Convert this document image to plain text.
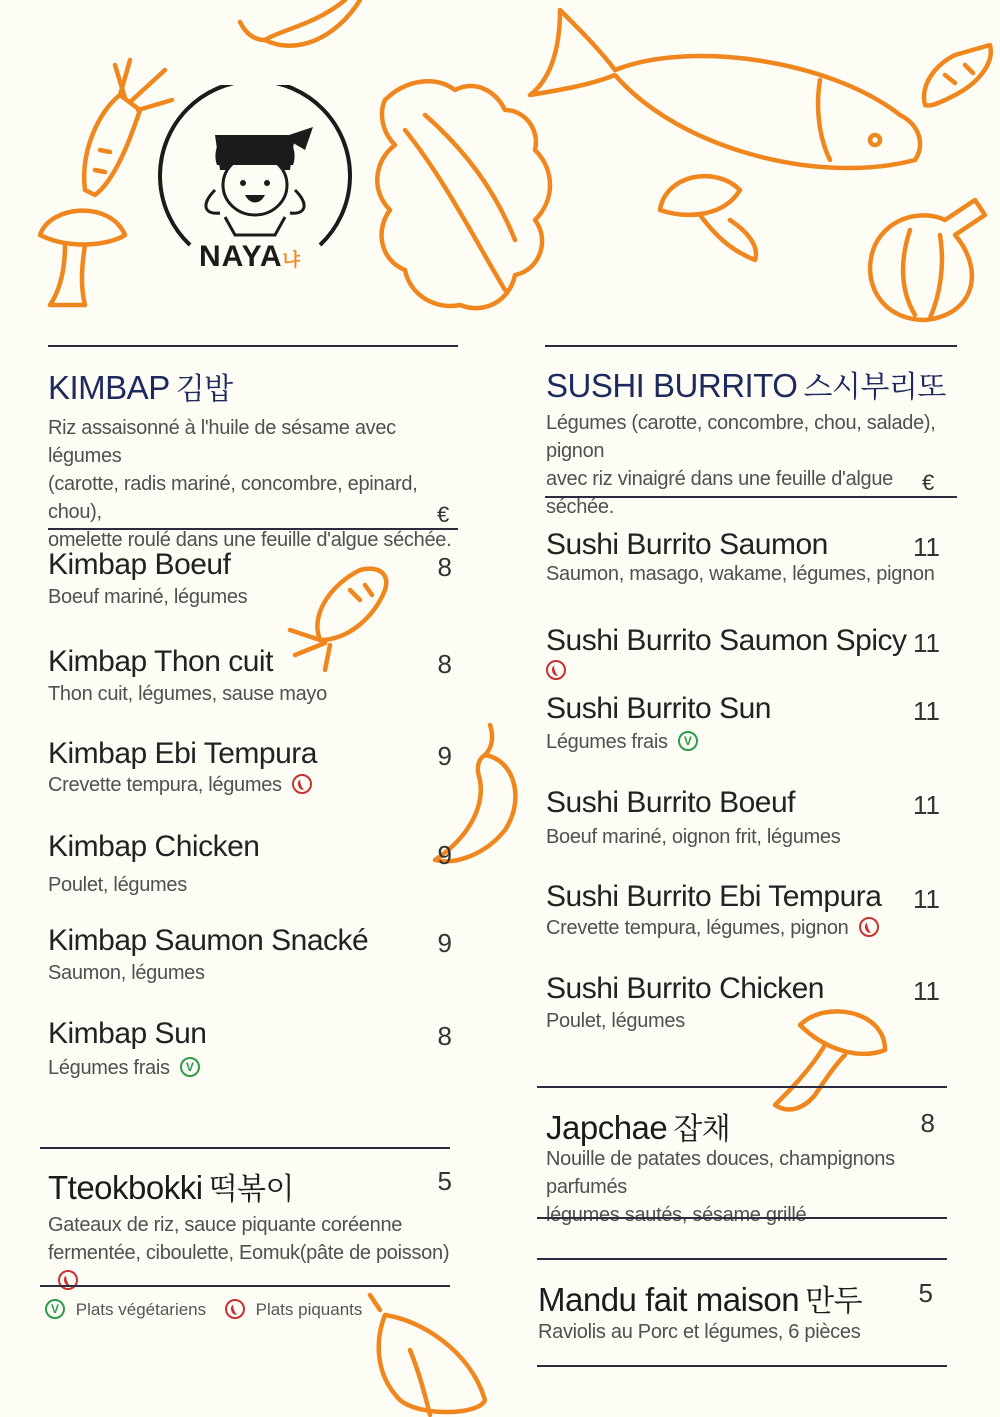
NAYA냐
KIMBAP 김밥
Riz assaisonné à l'huile de sésame avec légumes
(carotte, radis mariné, concombre, epinard, chou),
omelette roulé dans une feuille d'algue séchée.
€
Kimbap Boeuf	8
Boeuf mariné, légumes
Kimbap Thon cuit	8
Thon cuit, légumes, sause mayo
Kimbap Ebi Tempura	9
Crevette tempura, légumes
Kimbap Chicken	9
Poulet, légumes
Kimbap Saumon Snacké	9
Saumon, légumes
Kimbap Sun	8
Légumes frais V
Tteokbokki 떡볶이	5
Gateaux de riz, sauce piquante coréenne
fermentée, ciboulette, Eomuk(pâte de poisson)
V Plats végétariens	Plats piquants
SUSHI BURRITO 스시부리또
Légumes (carotte, concombre, chou, salade), pignon
avec riz vinaigré dans une feuille d'algue séchée.
€
Sushi Burrito Saumon	11
Saumon, masago, wakame, légumes, pignon
Sushi Burrito Saumon Spicy 11
Sushi Burrito Sun	11
Légumes frais V
Sushi Burrito Boeuf	11
Boeuf mariné, oignon frit, légumes
Sushi Burrito Ebi Tempura	11
Crevette tempura, légumes, pignon
Sushi Burrito Chicken	11
Poulet, légumes
Japchae 잡채	8
Nouille de patates douces, champignons parfumés
légumes sautés, sésame grillé
Mandu fait maison 만두	5
Raviolis au Porc et légumes, 6 pièces
